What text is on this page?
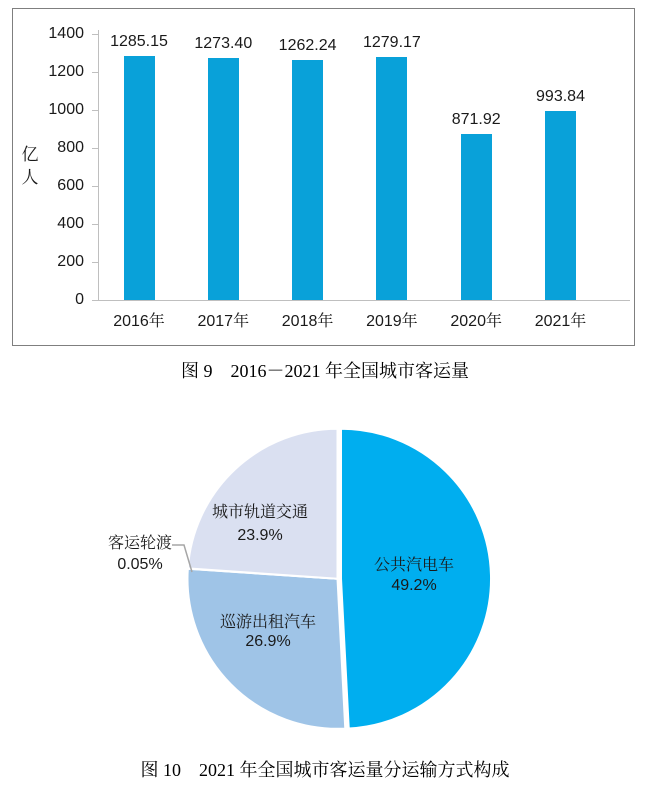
0
200
400
600
800
1000
1200
1400	1285.15
2016年
1273.40
2017年
1262.24
2018年
1279.17
2019年
871.92
2020年
993.84
2021年
亿人
图 9　2016－2021 年全国城市客运量
城市轨道交通
23.9%
公共汽电车
49.2%
巡游出租汽车
26.9%
客运轮渡
0.05%
图 10　2021 年全国城市客运量分运输方式构成
